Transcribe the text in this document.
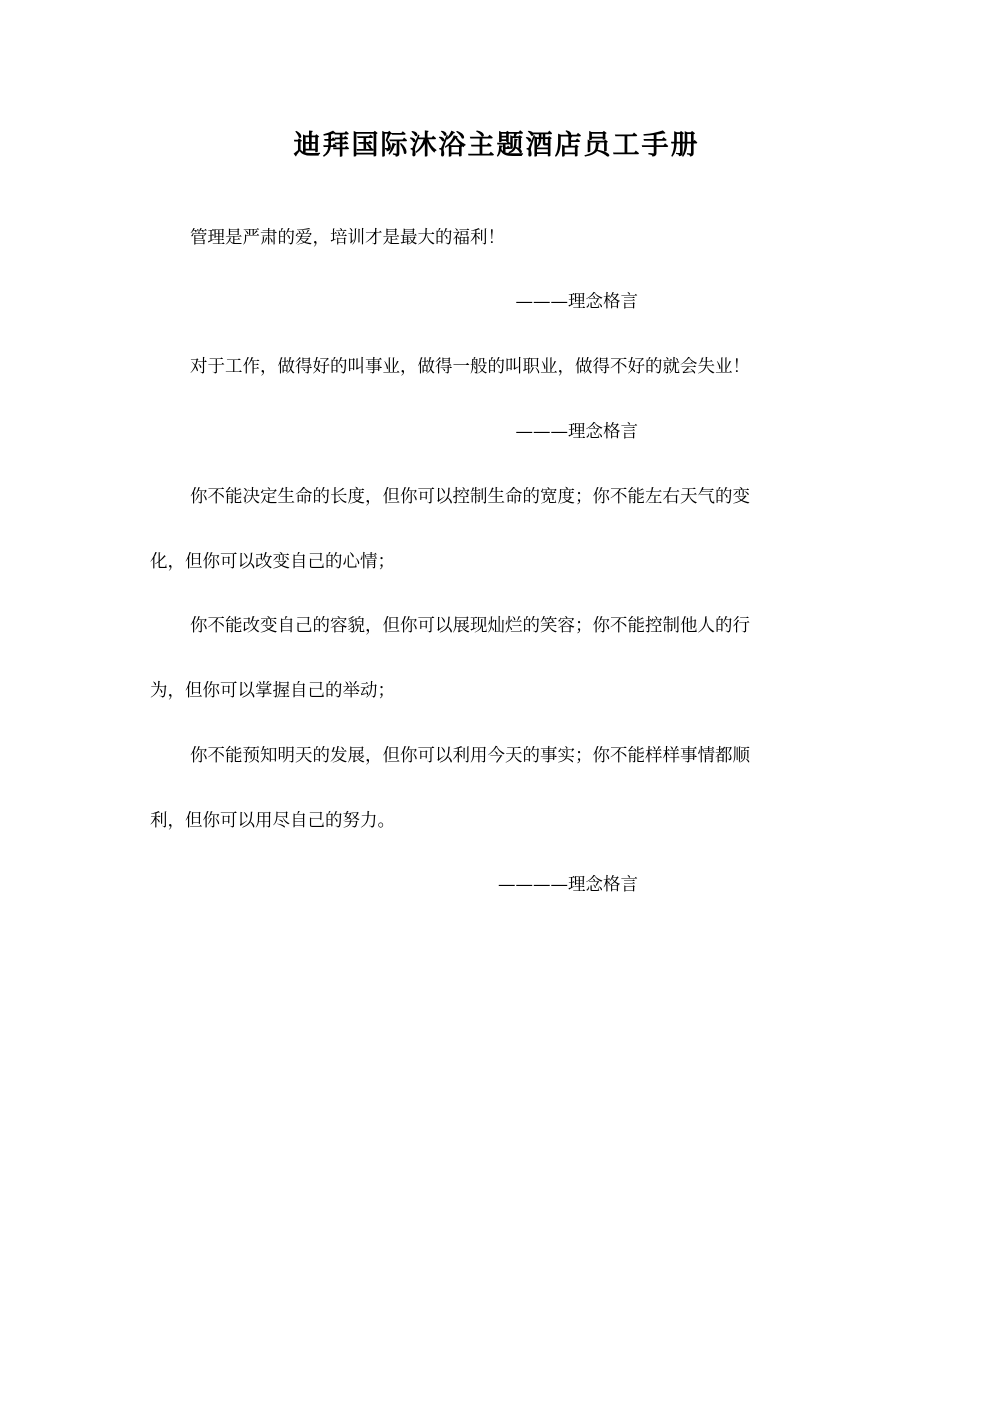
迪拜国际沐浴主题酒店员工手册
管理是严肃的爱，培训才是最大的福利！
———理念格言
对于工作，做得好的叫事业，做得一般的叫职业，做得不好的就会失业！
———理念格言
你不能决定生命的长度，但你可以控制生命的宽度；你不能左右天气的变
化，但你可以改变自己的心情；
你不能改变自己的容貌，但你可以展现灿烂的笑容；你不能控制他人的行
为，但你可以掌握自己的举动；
你不能预知明天的发展，但你可以利用今天的事实；你不能样样事情都顺
利，但你可以用尽自己的努力。
————理念格言
